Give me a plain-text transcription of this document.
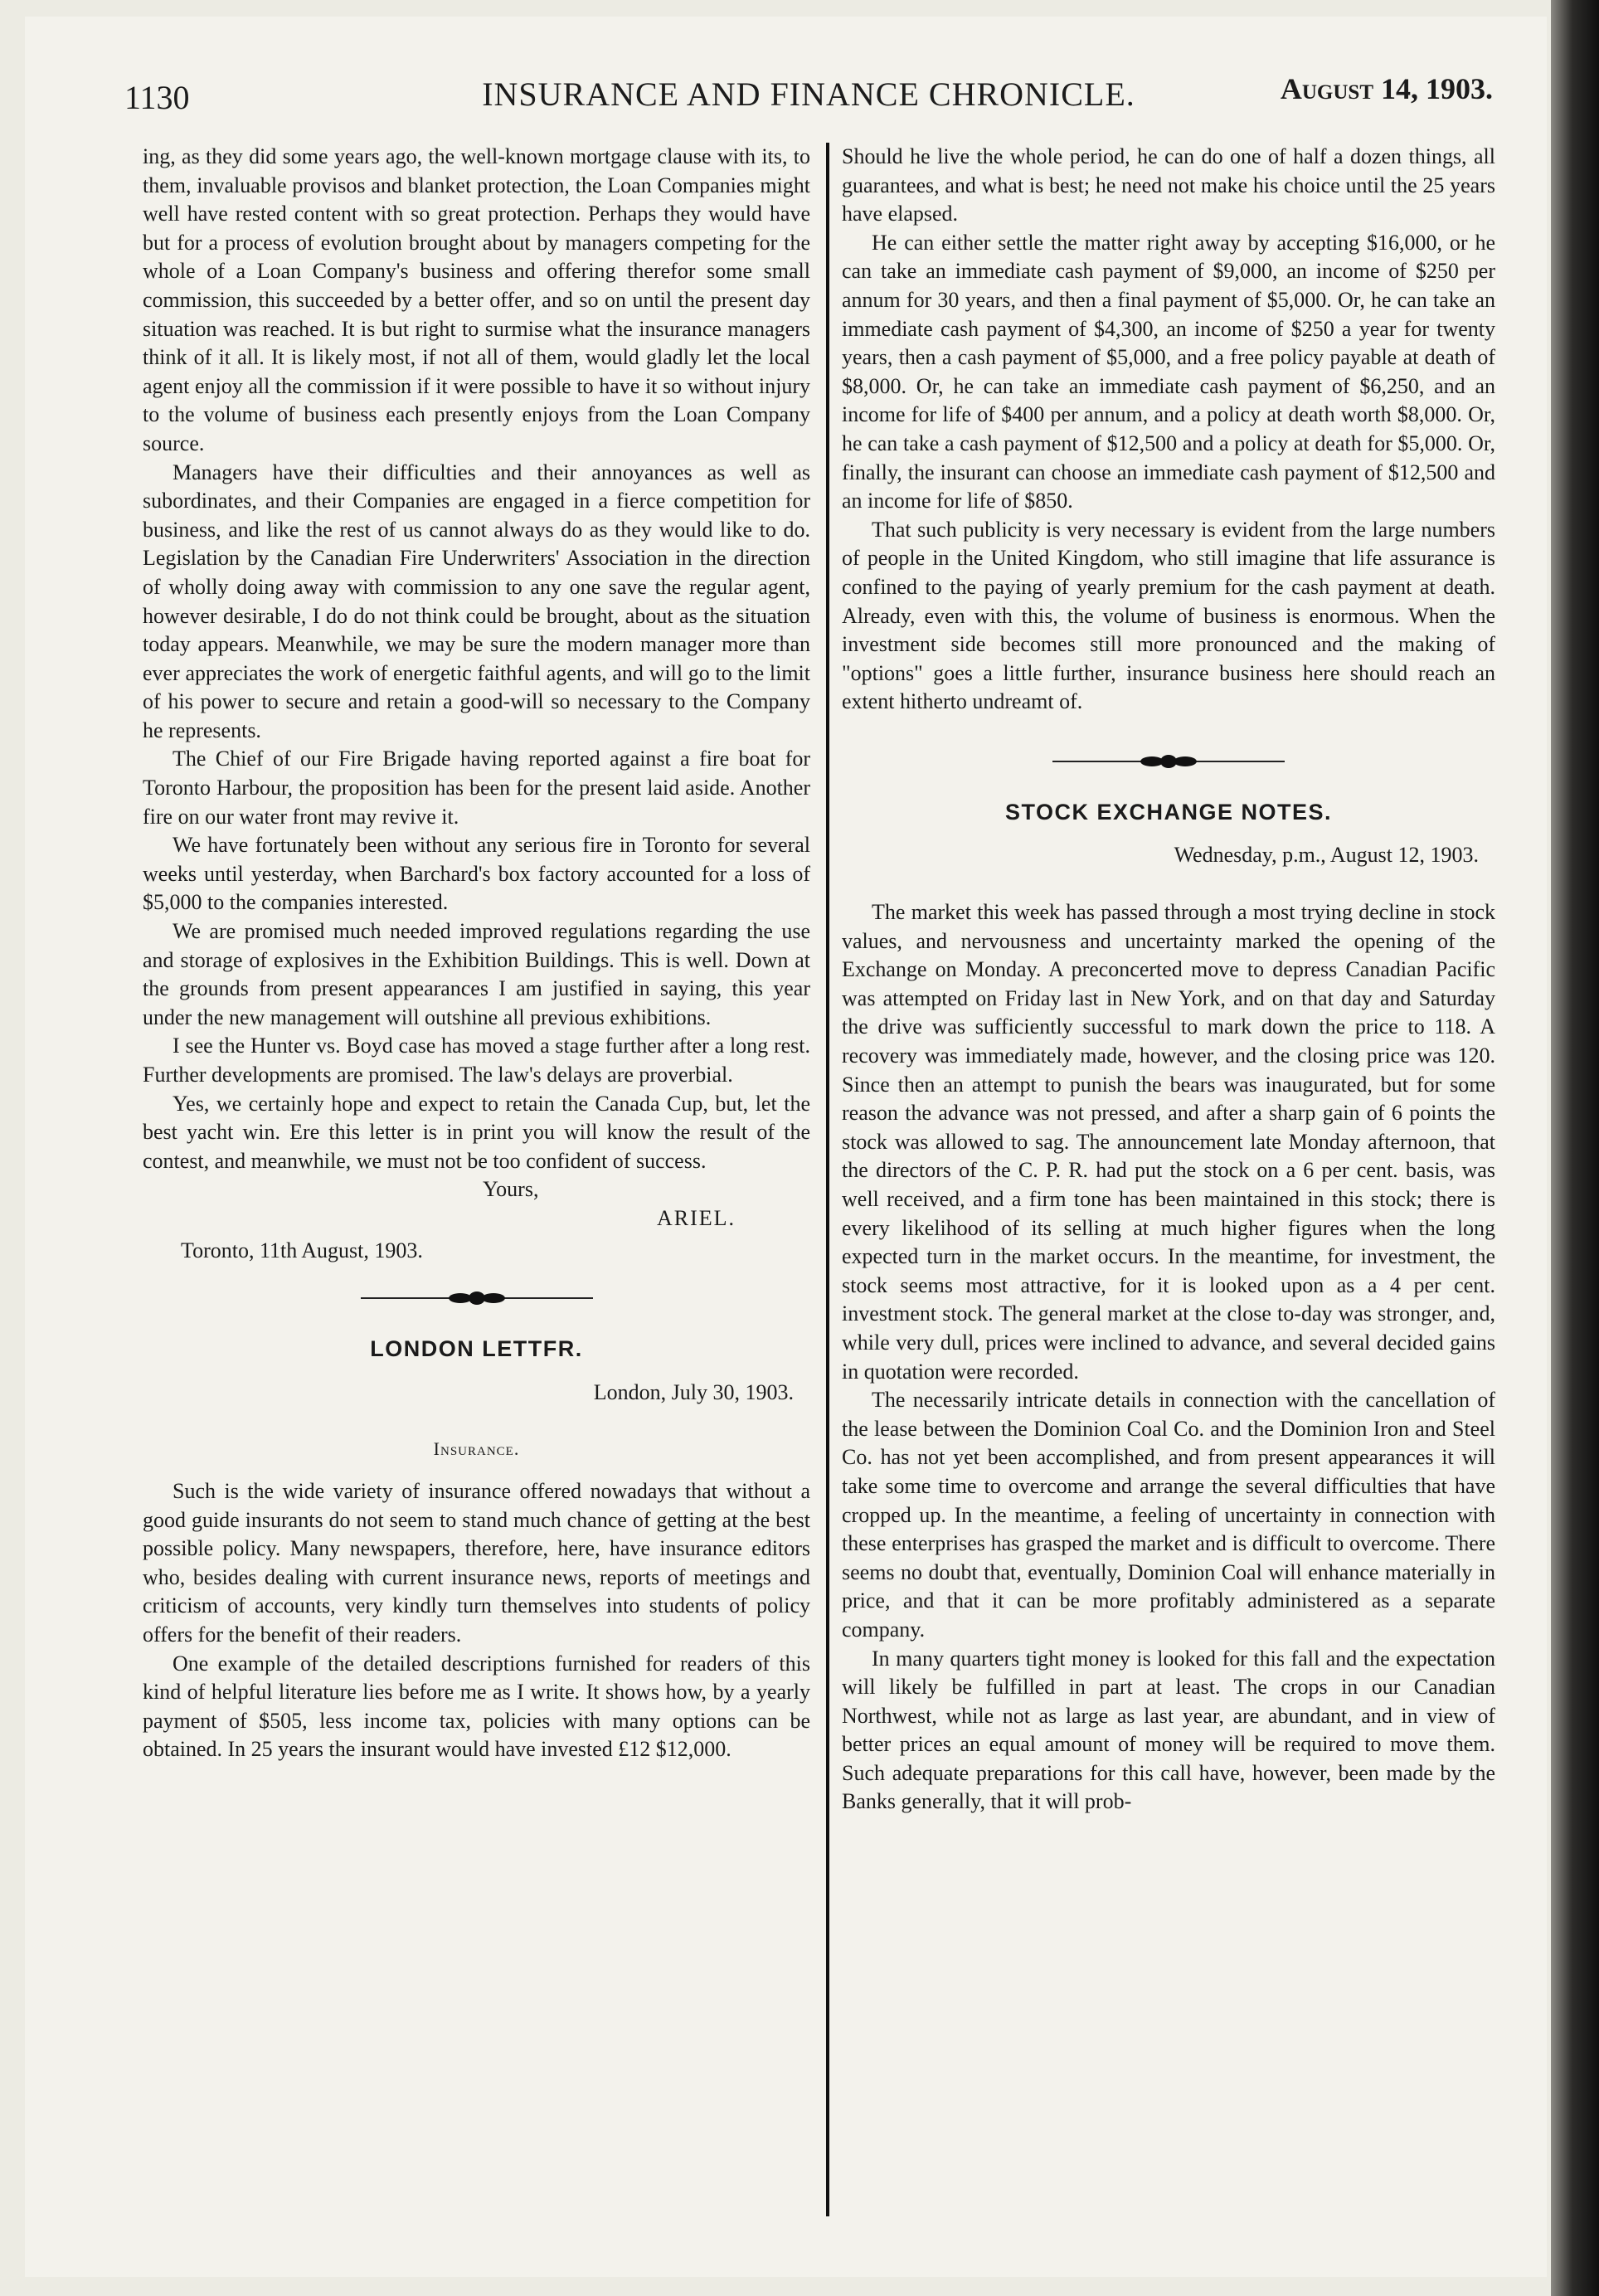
1130	INSURANCE AND FINANCE CHRONICLE.	August 14, 1903.

ing, as they did some years ago, the well-known mortgage clause with its, to them, invaluable provisos and blanket protection, the Loan Companies might well have rested content with so great protection. Perhaps they would have but for a process of evolution brought about by managers competing for the whole of a Loan Company's business and offering therefor some small commission, this succeeded by a better offer, and so on until the present day situation was reached. It is but right to surmise what the insurance managers think of it all. It is likely most, if not all of them, would gladly let the local agent enjoy all the commission if it were possible to have it so without injury to the volume of business each presently enjoys from the Loan Company source.

Managers have their difficulties and their annoyances as well as subordinates, and their Companies are engaged in a fierce competition for business, and like the rest of us cannot always do as they would like to do. Legislation by the Canadian Fire Underwriters' Association in the direction of wholly doing away with commission to any one save the regular agent, however desirable, I do do not think could be brought, about as the situation today appears. Meanwhile, we may be sure the modern manager more than ever appreciates the work of energetic faithful agents, and will go to the limit of his power to secure and retain a good-will so necessary to the Company he represents.

The Chief of our Fire Brigade having reported against a fire boat for Toronto Harbour, the proposition has been for the present laid aside. Another fire on our water front may revive it.

We have fortunately been without any serious fire in Toronto for several weeks until yesterday, when Barchard's box factory accounted for a loss of $5,000 to the companies interested.

We are promised much needed improved regulations regarding the use and storage of explosives in the Exhibition Buildings. This is well. Down at the grounds from present appearances I am justified in saying, this year under the new management will outshine all previous exhibitions.

I see the Hunter vs. Boyd case has moved a stage further after a long rest. Further developments are promised. The law's delays are proverbial.

Yes, we certainly hope and expect to retain the Canada Cup, but, let the best yacht win. Ere this letter is in print you will know the result of the contest, and meanwhile, we must not be too confident of success.

Yours,
ARIEL.
Toronto, 11th August, 1903.
LONDON LETTFR.
London, July 30, 1903.
Insurance.

Such is the wide variety of insurance offered nowadays that without a good guide insurants do not seem to stand much chance of getting at the best possible policy. Many newspapers, therefore, here, have insurance editors who, besides dealing with current insurance news, reports of meetings and criticism of accounts, very kindly turn themselves into students of policy offers for the benefit of their readers.

One example of the detailed descriptions furnished for readers of this kind of helpful literature lies before me as I write. It shows how, by a yearly payment of $505, less income tax, policies with many options can be obtained. In 25 years the insurant would have invested £12 $12,000.

Should he live the whole period, he can do one of half a dozen things, all guarantees, and what is best; he need not make his choice until the 25 years have elapsed.

He can either settle the matter right away by accepting $16,000, or he can take an immediate cash payment of $9,000, an income of $250 per annum for 30 years, and then a final payment of $5,000. Or, he can take an immediate cash payment of $4,300, an income of $250 a year for twenty years, then a cash payment of $5,000, and a free policy payable at death of $8,000. Or, he can take an immediate cash payment of $6,250, and an income for life of $400 per annum, and a policy at death worth $8,000. Or, he can take a cash payment of $12,500 and a policy at death for $5,000. Or, finally, the insurant can choose an immediate cash payment of $12,500 and an income for life of $850.

That such publicity is very necessary is evident from the large numbers of people in the United Kingdom, who still imagine that life assurance is confined to the paying of yearly premium for the cash payment at death. Already, even with this, the volume of business is enormous. When the investment side becomes still more pronounced and the making of "options" goes a little further, insurance business here should reach an extent hitherto undreamt of.

STOCK EXCHANGE NOTES.
Wednesday, p.m., August 12, 1903.

The market this week has passed through a most trying decline in stock values, and nervousness and uncertainty marked the opening of the Exchange on Monday. A preconcerted move to depress Canadian Pacific was attempted on Friday last in New York, and on that day and Saturday the drive was sufficiently successful to mark down the price to 118. A recovery was immediately made, however, and the closing price was 120. Since then an attempt to punish the bears was inaugurated, but for some reason the advance was not pressed, and after a sharp gain of 6 points the stock was allowed to sag. The announcement late Monday afternoon, that the directors of the C. P. R. had put the stock on a 6 per cent. basis, was well received, and a firm tone has been maintained in this stock; there is every likelihood of its selling at much higher figures when the long expected turn in the market occurs. In the meantime, for investment, the stock seems most attractive, for it is looked upon as a 4 per cent. investment stock. The general market at the close to-day was stronger, and, while very dull, prices were inclined to advance, and several decided gains in quotation were recorded.

The necessarily intricate details in connection with the cancellation of the lease between the Dominion Coal Co. and the Dominion Iron and Steel Co. has not yet been accomplished, and from present appearances it will take some time to overcome and arrange the several difficulties that have cropped up. In the meantime, a feeling of uncertainty in connection with these enterprises has grasped the market and is difficult to overcome. There seems no doubt that, eventually, Dominion Coal will enhance materially in price, and that it can be more profitably administered as a separate company.

In many quarters tight money is looked for this fall and the expectation will likely be fulfilled in part at least. The crops in our Canadian Northwest, while not as large as last year, are abundant, and in view of better prices an equal amount of money will be required to move them. Such adequate preparations for this call have, however, been made by the Banks generally, that it will prob-
